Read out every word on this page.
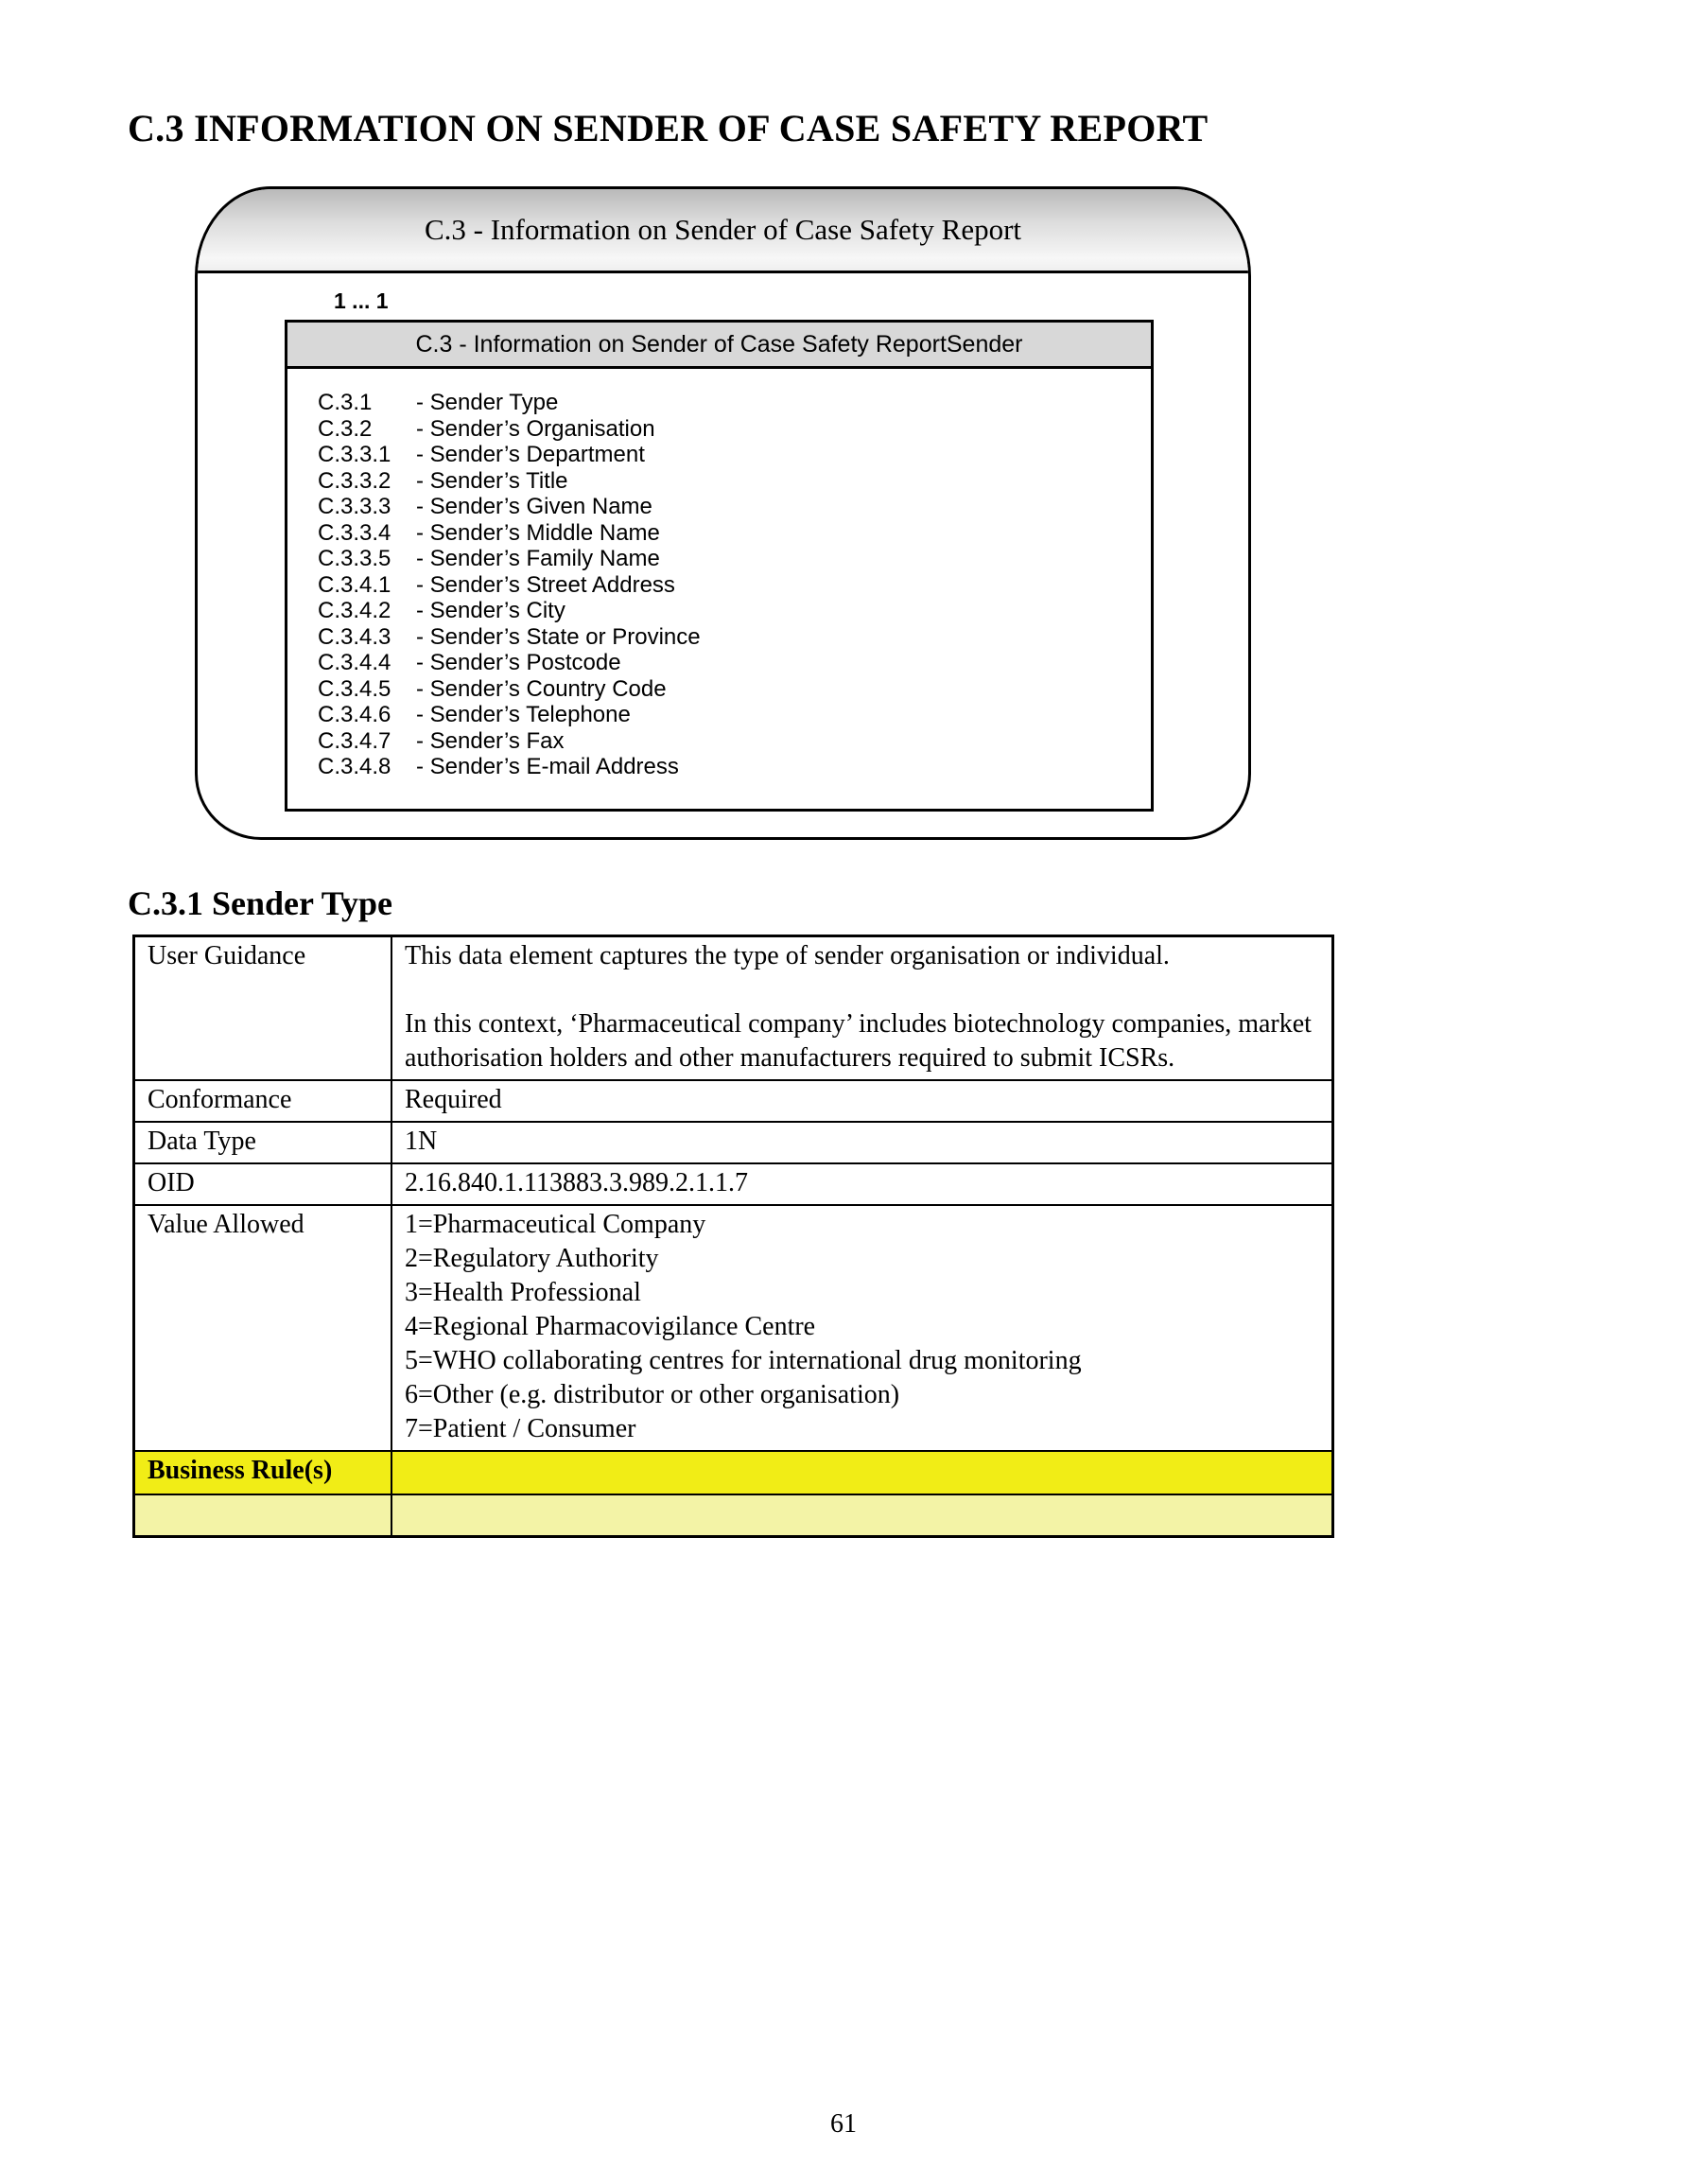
C.3 INFORMATION ON SENDER OF CASE SAFETY REPORT
C.3 - Information on Sender of Case Safety Report
1 ... 1
C.3 - Information on Sender of Case Safety ReportSender
C.3.1 - Sender Type
C.3.2 - Sender’s Organisation
C.3.3.1 - Sender’s Department
C.3.3.2 - Sender’s Title
C.3.3.3 - Sender’s Given Name
C.3.3.4 - Sender’s Middle Name
C.3.3.5 - Sender’s Family Name
C.3.4.1 - Sender’s Street Address
C.3.4.2 - Sender’s City
C.3.4.3 - Sender’s State or Province
C.3.4.4 - Sender’s Postcode
C.3.4.5 - Sender’s Country Code
C.3.4.6 - Sender’s Telephone
C.3.4.7 - Sender’s Fax
C.3.4.8 - Sender’s E-mail Address
C.3.1 Sender Type
User Guidance	This data element captures the type of sender organisation or individual.
In this context, ‘Pharmaceutical company’ includes biotechnology companies, market authorisation holders and other manufacturers required to submit ICSRs.

Conformance	Required
Data Type	1N
OID	2.16.840.1.113883.3.989.2.1.1.7
Value Allowed	1=Pharmaceutical Company
2=Regulatory Authority
3=Health Professional
4=Regional Pharmacovigilance Centre
5=WHO collaborating centres for international drug monitoring
6=Other (e.g. distributor or other organisation)
7=Patient / Consumer

Business Rule(s)	

61
